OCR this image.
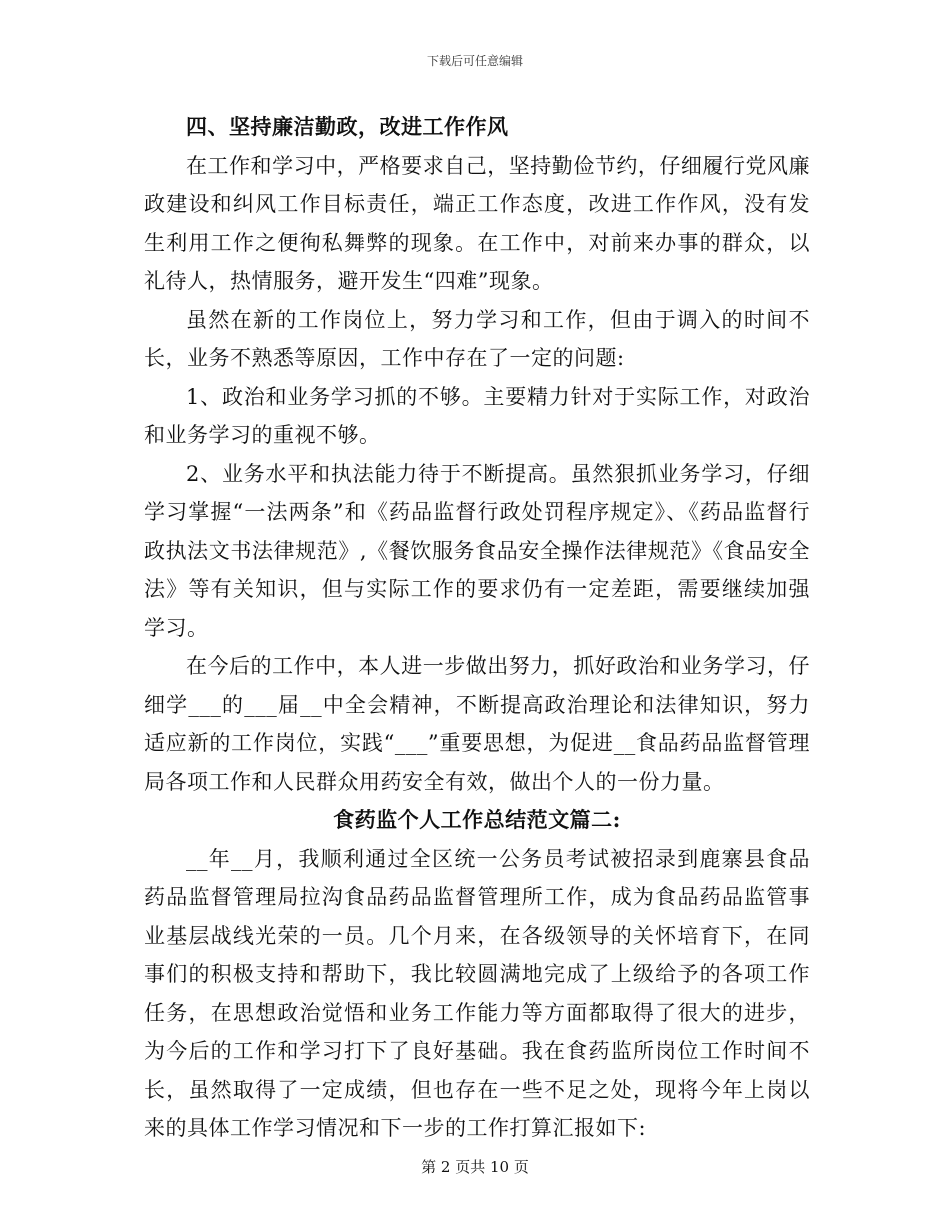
下载后可任意编辑

四、坚持廉洁勤政，改进工作作风

在工作和学习中，严格要求自己，坚持勤俭节约，仔细履行党风廉政建设和纠风工作目标责任，端正工作态度，改进工作作风，没有发生利用工作之便徇私舞弊的现象。在工作中，对前来办事的群众，以礼待人，热情服务，避开发生“四难”现象。

虽然在新的工作岗位上，努力学习和工作，但由于调入的时间不长，业务不熟悉等原因，工作中存在了一定的问题:

1、政治和业务学习抓的不够。主要精力针对于实际工作，对政治和业务学习的重视不够。

2、业务水平和执法能力待于不断提高。虽然狠抓业务学习，仔细学习掌握“一法两条”和《药品监督行政处罚程序规定》、《药品监督行政执法文书法律规范》,《餐饮服务食品安全操作法律规范》《食品安全法》等有关知识，但与实际工作的要求仍有一定差距，需要继续加强学习。

在今后的工作中，本人进一步做出努力，抓好政治和业务学习，仔细学___的___届__中全会精神，不断提高政治理论和法律知识，努力适应新的工作岗位，实践“___”重要思想，为促进__食品药品监督管理局各项工作和人民群众用药安全有效，做出个人的一份力量。

食药监个人工作总结范文篇二:

__年__月，我顺利通过全区统一公务员考试被招录到鹿寨县食品药品监督管理局拉沟食品药品监督管理所工作，成为食品药品监管事业基层战线光荣的一员。几个月来，在各级领导的关怀培育下，在同事们的积极支持和帮助下，我比较圆满地完成了上级给予的各项工作任务，在思想政治觉悟和业务工作能力等方面都取得了很大的进步，为今后的工作和学习打下了良好基础。我在食药监所岗位工作时间不长，虽然取得了一定成绩，但也存在一些不足之处，现将今年上岗以来的具体工作学习情况和下一步的工作打算汇报如下:

第 2 页共 10 页
